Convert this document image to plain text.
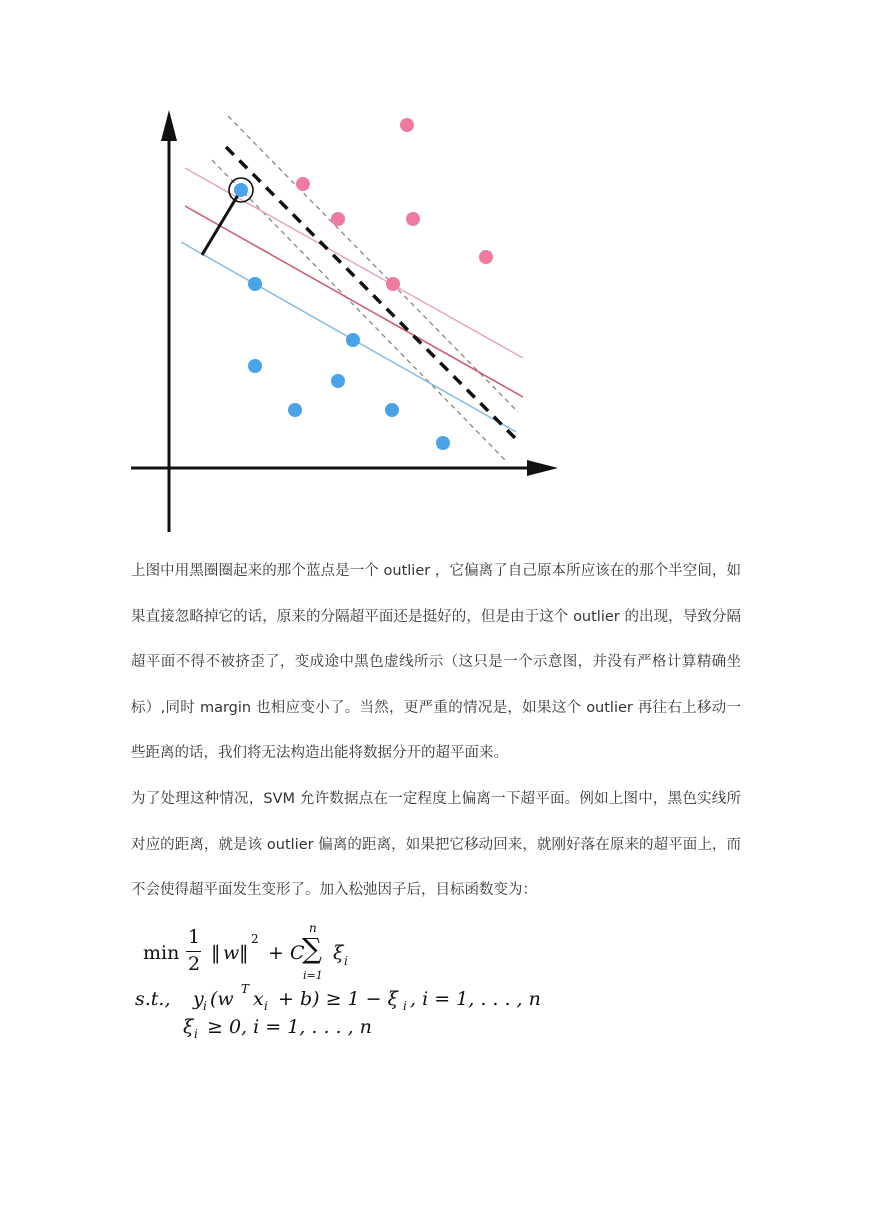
上图中用黑圈圈起来的那个蓝点是一个 outlier ，它偏离了自己原本所应该在的那个半空间，如果直接忽略掉它的话，原来的分隔超平面还是挺好的，但是由于这个 outlier 的出现，导致分隔超平面不得不被挤歪了，变成途中黑色虚线所示（这只是一个示意图，并没有严格计算精确坐标）,同时 margin 也相应变小了。当然，更严重的情况是，如果这个 outlier 再往右上移动一些距离的话，我们将无法构造出能将数据分开的超平面来。

为了处理这种情况，SVM 允许数据点在一定程度上偏离一下超平面。例如上图中，黑色实线所对应的距离，就是该 outlier 偏离的距离，如果把它移动回来，就刚好落在原来的超平面上，而不会使得超平面发生变形了。加入松弛因子后，目标函数变为：

min
1
2 ‖ w ‖
2
+ C
n
∑
i=1
ξ i
s.t., y i (w T x i + b) ≥ 1 − ξ i , i = 1, . . . , n
ξ i ≥ 0, i = 1, . . . , n
